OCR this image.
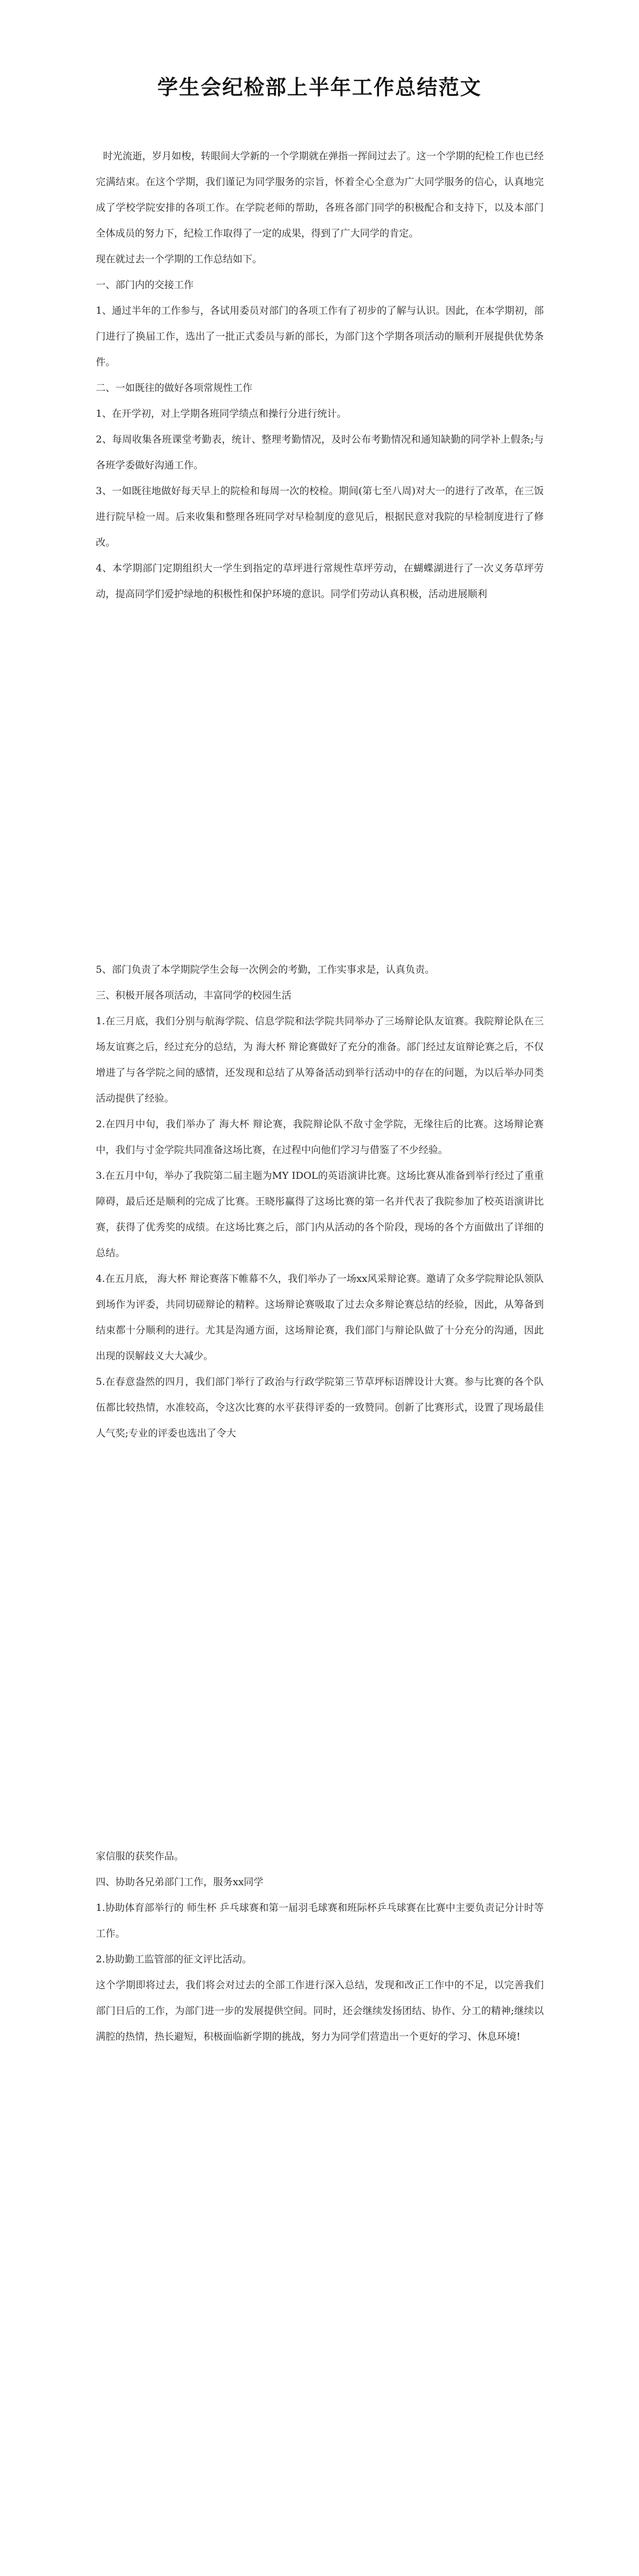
学生会纪检部上半年工作总结范文

时光流逝，岁月如梭，转眼间大学新的一个学期就在弹指一挥间过去了。这一个学期的纪检工作也已经完满结束。在这个学期，我们谨记为同学服务的宗旨，怀着全心全意为广大同学服务的信心，认真地完成了学校学院安排的各项工作。在学院老师的帮助，各班各部门同学的积极配合和支持下，以及本部门全体成员的努力下，纪检工作取得了一定的成果，得到了广大同学的肯定。

现在就过去一个学期的工作总结如下。

一、部门内的交接工作

1、通过半年的工作参与，各试用委员对部门的各项工作有了初步的了解与认识。因此，在本学期初，部门进行了换届工作，选出了一批正式委员与新的部长，为部门这个学期各项活动的顺利开展提供优势条件。

二、一如既往的做好各项常规性工作

1、在开学初，对上学期各班同学绩点和操行分进行统计。

2、每周收集各班课堂考勤表，统计、整理考勤情况，及时公布考勤情况和通知缺勤的同学补上假条;与各班学委做好沟通工作。

3、一如既往地做好每天早上的院检和每周一次的校检。期间(第七至八周)对大一的进行了改革，在三饭进行院早检一周。后来收集和整理各班同学对早检制度的意见后，根据民意对我院的早检制度进行了修改。

4、本学期部门定期组织大一学生到指定的草坪进行常规性草坪劳动，在蝴蝶湖进行了一次义务草坪劳动，提高同学们爱护绿地的积极性和保护环境的意识。同学们劳动认真积极，活动进展顺利

5、部门负责了本学期院学生会每一次例会的考勤，工作实事求是，认真负责。

三、积极开展各项活动，丰富同学的校园生活

1.在三月底，我们分别与航海学院、信息学院和法学院共同举办了三场辩论队友谊赛。我院辩论队在三场友谊赛之后，经过充分的总结，为 海大杯 辩论赛做好了充分的准备。部门经过友谊辩论赛之后，不仅增进了与各学院之间的感情，还发现和总结了从筹备活动到举行活动中的存在的问题，为以后举办同类活动提供了经验。

2.在四月中旬，我们举办了 海大杯 辩论赛，我院辩论队不敌寸金学院，无缘往后的比赛。这场辩论赛中，我们与寸金学院共同准备这场比赛，在过程中向他们学习与借鉴了不少经验。

3.在五月中旬，举办了我院第二届主题为MY IDOL的英语演讲比赛。这场比赛从准备到举行经过了重重障碍，最后还是顺利的完成了比赛。王晓彤赢得了这场比赛的第一名并代表了我院参加了校英语演讲比赛，获得了优秀奖的成绩。在这场比赛之后，部门内从活动的各个阶段，现场的各个方面做出了详细的总结。

4.在五月底， 海大杯 辩论赛落下帷幕不久，我们举办了一场xx风采辩论赛。邀请了众多学院辩论队领队到场作为评委，共同切磋辩论的精粹。这场辩论赛吸取了过去众多辩论赛总结的经验，因此，从筹备到结束都十分顺利的进行。尤其是沟通方面，这场辩论赛，我们部门与辩论队做了十分充分的沟通，因此出现的误解歧义大大减少。

5.在春意盎然的四月，我们部门举行了政治与行政学院第三节草坪标语牌设计大赛。参与比赛的各个队伍都比较热情，水准较高，令这次比赛的水平获得评委的一致赞同。创新了比赛形式，设置了现场最佳人气奖;专业的评委也选出了令大

家信服的获奖作品。

四、协助各兄弟部门工作，服务xx同学

1.协助体育部举行的 师生杯 乒乓球赛和第一届羽毛球赛和班际杯乒乓球赛在比赛中主要负责记分计时等工作。

2.协助勤工监管部的征文评比活动。

这个学期即将过去，我们将会对过去的全部工作进行深入总结，发现和改正工作中的不足，以完善我们部门日后的工作，为部门进一步的发展提供空间。同时，还会继续发扬团结、协作、分工的精神;继续以满腔的热情，热长避短，积极面临新学期的挑战，努力为同学们营造出一个更好的学习、休息环境!
